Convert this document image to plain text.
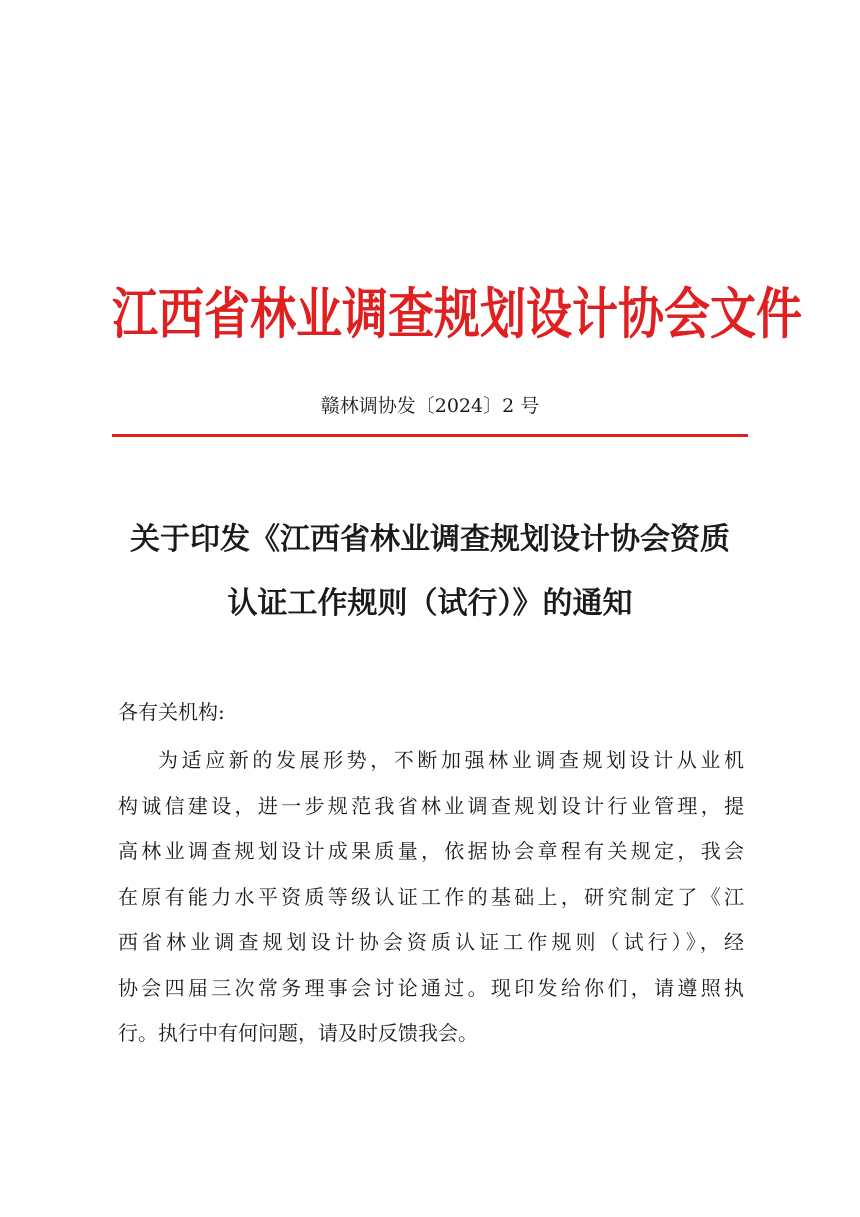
江西省林业调查规划设计协会文件
赣林调协发〔2024〕2 号
关于印发《江西省林业调查规划设计协会资质
认证工作规则（试行）》的通知
各有关机构:
为适应新的发展形势，不断加强林业调查规划设计从业机
构诚信建设，进一步规范我省林业调查规划设计行业管理，提
高林业调查规划设计成果质量，依据协会章程有关规定，我会
在原有能力水平资质等级认证工作的基础上，研究制定了《江
西省林业调查规划设计协会资质认证工作规则（试行）》，经
协会四届三次常务理事会讨论通过。现印发给你们，请遵照执
行。执行中有何问题，请及时反馈我会。
